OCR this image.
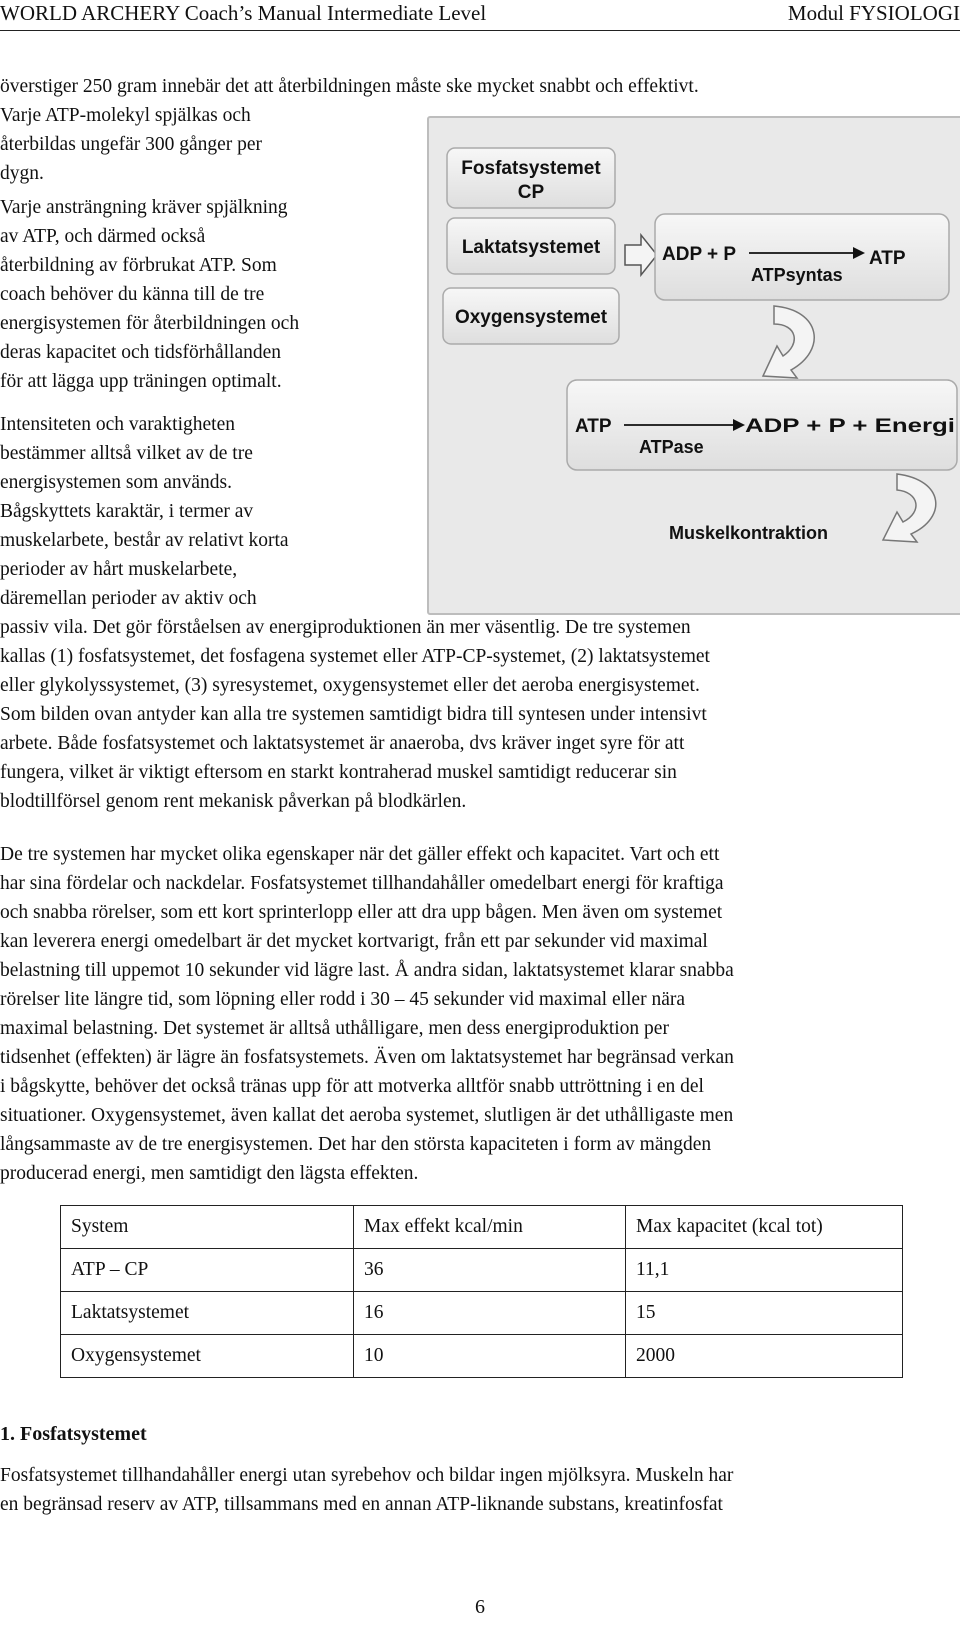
WORLD ARCHERY Coach’s Manual Intermediate Level	Modul FYSIOLOGI

överstiger 250 gram innebär det att återbildningen måste ske mycket snabbt och effektivt.

Varje ATP-molekyl spjälkas och

återbildas ungefär 300 gånger per

dygn.

Varje ansträngning kräver spjälkning

av ATP, och därmed också

återbildning av förbrukat ATP. Som

coach behöver du känna till de tre

energisystemen för återbildningen och

deras kapacitet och tidsförhållanden

för att lägga upp träningen optimalt.

Fosfatsystemet
CP
Laktatsystemet
Oxygensystemet
ADP + P	ATP
ATPsyntas
ATP	ADP + P + Energi
ATPase
Muskelkontraktion

Intensiteten och varaktigheten

bestämmer alltså vilket av de tre

energisystemen som används.

Bågskyttets karaktär, i termer av

muskelarbete, består av relativt korta

perioder av hårt muskelarbete,

däremellan perioder av aktiv och

passiv vila. Det gör förståelsen av energiproduktionen än mer väsentlig. De tre systemen

kallas (1) fosfatsystemet, det fosfagena systemet eller ATP-CP-systemet, (2) laktatsystemet

eller glykolyssystemet, (3) syresystemet, oxygensystemet eller det aeroba energisystemet.

Som bilden ovan antyder kan alla tre systemen samtidigt bidra till syntesen under intensivt

arbete. Både fosfatsystemet och laktatsystemet är anaeroba, dvs kräver inget syre för att

fungera, vilket är viktigt eftersom en starkt kontraherad muskel samtidigt reducerar sin

blodtillförsel genom rent mekanisk påverkan på blodkärlen.

De tre systemen har mycket olika egenskaper när det gäller effekt och kapacitet. Vart och ett

har sina fördelar och nackdelar. Fosfatsystemet tillhandahåller omedelbart energi för kraftiga

och snabba rörelser, som ett kort sprinterlopp eller att dra upp bågen. Men även om systemet

kan leverera energi omedelbart är det mycket kortvarigt, från ett par sekunder vid maximal

belastning till uppemot 10 sekunder vid lägre last. Å andra sidan, laktatsystemet klarar snabba

rörelser lite längre tid, som löpning eller rodd i 30 – 45 sekunder vid maximal eller nära

maximal belastning. Det systemet är alltså uthålligare, men dess energiproduktion per

tidsenhet (effekten) är lägre än fosfatsystemets. Även om laktatsystemet har begränsad verkan

i bågskytte, behöver det också tränas upp för att motverka alltför snabb uttröttning i en del

situationer. Oxygensystemet, även kallat det aeroba systemet, slutligen är det uthålligaste men

långsammaste av de tre energisystemen. Det har den största kapaciteten i form av mängden

producerad energi, men samtidigt den lägsta effekten.

System	Max effekt kcal/min	Max kapacitet (kcal tot)
ATP – CP	36	11,1
Laktatsystemet	16	15
Oxygensystemet	10	2000
1. Fosfatsystemet

Fosfatsystemet tillhandahåller energi utan syrebehov och bildar ingen mjölksyra. Muskeln har

en begränsad reserv av ATP, tillsammans med en annan ATP-liknande substans, kreatinfosfat

6
